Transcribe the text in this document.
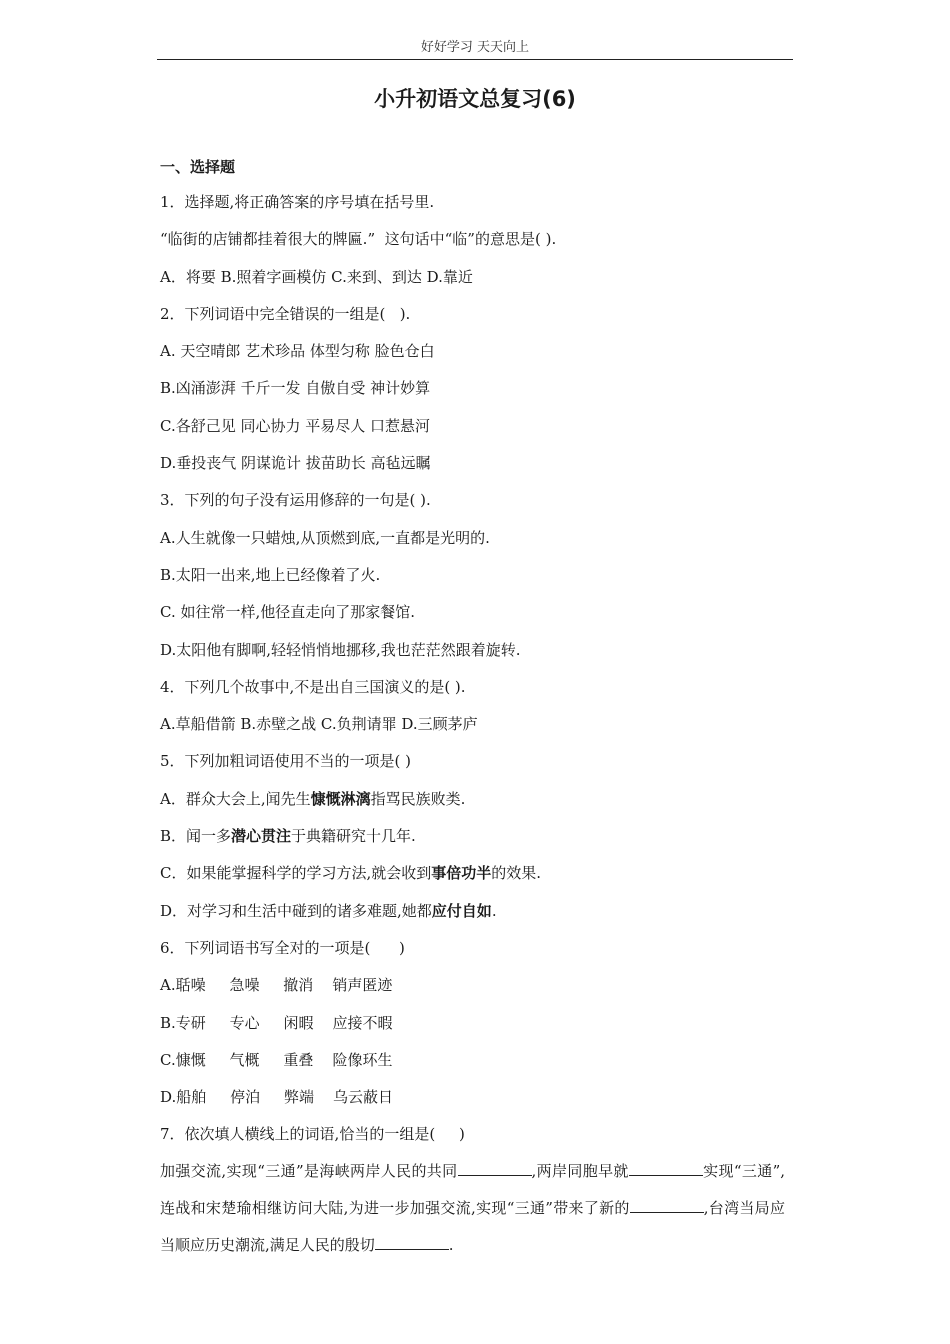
好好学习 天天向上
小升初语文总复习(6)
一、选择题
1．选择题,将正确答案的序号填在括号里.
“临街的店铺都挂着很大的牌匾.”  这句话中“临”的意思是( ).
A．将要 B.照着字画模仿 C.来到、到达 D.靠近
2．下列词语中完全错误的一组是(   ).
A. 天空晴郎 艺术珍品 体型匀称 脸色仓白
B.凶涌澎湃 千斤一发 自傲自受 神计妙算
C.各舒己见 同心协力 平易尽人 口惹悬河
D.垂投丧气 阴谋诡计 拔苗助长 高毡远瞩
3．下列的句子没有运用修辞的一句是( ).
A.人生就像一只蜡烛,从顶燃到底,一直都是光明的.
B.太阳一出来,地上已经像着了火.
C. 如往常一样,他径直走向了那家餐馆.
D.太阳他有脚啊,轻轻悄悄地挪移,我也茫茫然跟着旋转.
4．下列几个故事中,不是出自三国演义的是( ).
A.草船借箭 B.赤壁之战 C.负荆请罪 D.三顾茅庐
5．下列加粗词语使用不当的一项是( )
A．群众大会上,闻先生慷慨淋漓指骂民族败类.
B．闻一多潜心贯注于典籍研究十几年.
C．如果能掌握科学的学习方法,就会收到事倍功半的效果.
D．对学习和生活中碰到的诸多难题,她都应付自如.
6．下列词语书写全对的一项是(      )
A.聒噪     急噪     撤消    销声匿迹
B.专研     专心     闲暇    应接不暇
C.慷慨     气概     重叠    险像环生
D.船舶     停泊     弊端    乌云蔽日
7．依次填人横线上的词语,恰当的一组是(     )
加强交流,实现“三通”是海峡两岸人民的共同	,两岸同胞早就	实现“三通”,连战和宋楚瑜相继访问大陆,为进一步加强交流,实现“三通”带来了新的	,台湾当局应当顺应历史潮流,满足人民的殷切	.
